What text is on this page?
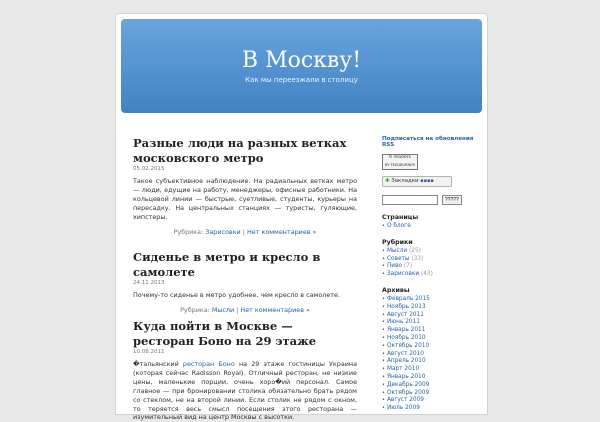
В Москву!
Как мы переезжали в столицу
Разные люди на разных ветках московского метро
05.02.2015
Такое субъективное наблюдение. На радиальных ветках метро — люди, едущие на работу, менеджеры, офисные работники. На кольцевой линии — быстрые, суетливые, студенты, курьеры на пересадку. На центральных станциях — туристы, гуляющие, хипстеры.
Рубрика: Зарисовки | Нет комментариев »
Сиденье в метро и кресло в самолете
24.11.2013
Почему-то сиденье в метро удобнее, чем кресло в самолете.
Рубрика: Мысли | Нет комментариев »
Куда пойти в Москве — ресторан Боно на 29 этаже
10.08.2011
�тальянский ресторан Боно на 29 этаже гостиницы Украина (которая сейчас Radisson Royal). Отличный ресторан, не низкие цены, маленькие порции, очень хоро�ий персонал. Самое главное — при бронировании столика обязательно брать рядом со стеклом, не на второй линии. Если столик не рядом с окном, то теряется весь смысл посещения этого ресторана — изумительный вид на центр Москвы с высотки.
Подписаться на обновления RSS
6 readers
BY FEEDBURNER
✚ Закладки ▪▪▪▪
?????
Страницы
• О блоге
Рубрики
• Мысли (25)
• Советы (33)
• Пиво (7)
• Зарисовки (43)
Архивы
• Февраль 2015
• Ноябрь 2013
• Август 2011
• Июнь 2011
• Январь 2011
• Ноябрь 2010
• Октябрь 2010
• Август 2010
• Апрель 2010
• Март 2010
• Январь 2010
• Декабрь 2009
• Октябрь 2009
• Август 2009
• Июль 2009
